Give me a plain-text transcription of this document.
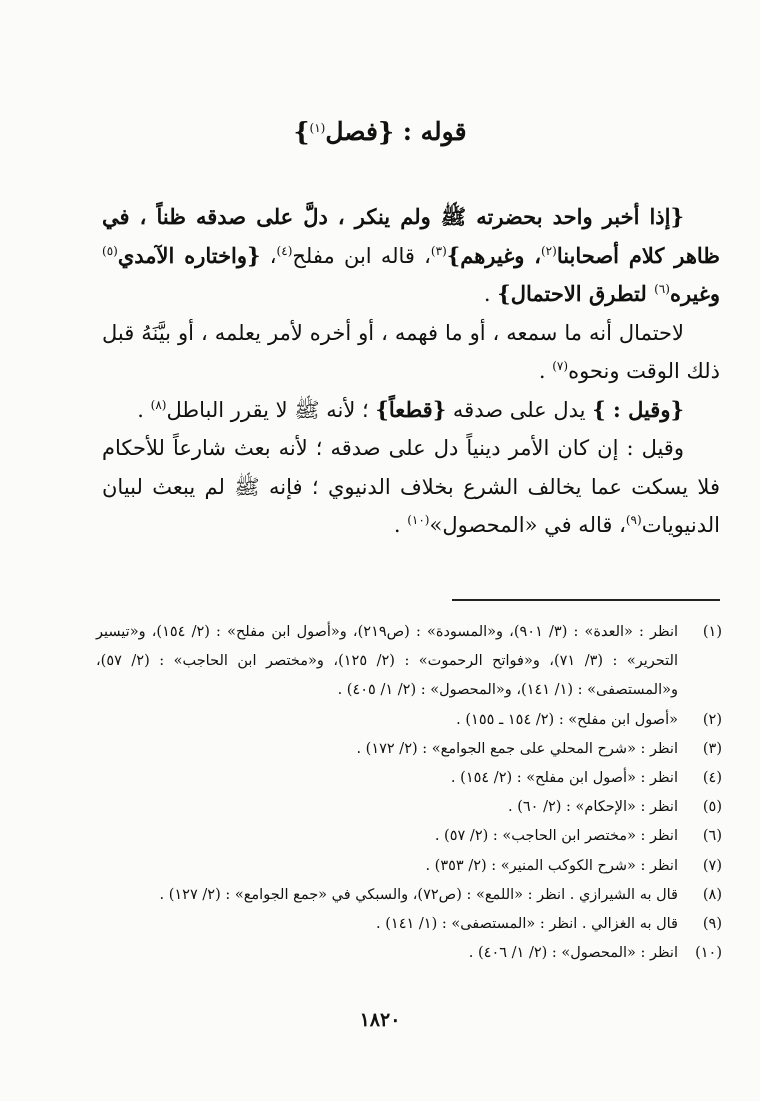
قوله : {فصل$^{(١)}$}

{إذا أخبر واحد بحضرته ﷺ ولم ينكر ، دلَّ على صدقه ظناً ، في ظاهر كلام أصحابنا$^{(٢)}$، وغيرهم}$^{(٣)}$، قاله ابن مفلح$^{(٤)}$، {واختاره الآمدي$^{(٥)}$ وغيره$^{(٦)}$ لتطرق الاحتمال} .

لاحتمال أنه ما سمعه ، أو ما فهمه ، أو أخره لأمر يعلمه ، أو بيَّنَهُ قبل ذلك الوقت ونحوه$^{(٧)}$ .

{وقيل : } يدل على صدقه {قطعاً} ؛ لأنه ﷺ لا يقرر الباطل$^{(٨)}$ .

وقيل : إن كان الأمر دينياً دل على صدقه ؛ لأنه بعث شارعاً للأحكام فلا يسكت عما يخالف الشرع بخلاف الدنيوي ؛ فإنه ﷺ لم يبعث لبيان الدنيويات$^{(٩)}$، قاله في «المحصول»$^{(١٠)}$ .

(١)
انظر : «العدة» : (٣/ ٩٠١)، و«المسودة» : (ص٢١٩)، و«أصول ابن مفلح» : (٢/ ١٥٤)، و«تيسير التحرير» : (٣/ ٧١)، و«فواتح الرحموت» : (٢/ ١٢٥)، و«مختصر ابن الحاجب» : (٢/ ٥٧)، و«المستصفى» : (١/ ١٤١)، و«المحصول» : (٢/ ١/ ٤٠٥) .
(٢)
«أصول ابن مفلح» : (٢/ ١٥٤ ـ ١٥٥) .
(٣)
انظر : «شرح المحلي على جمع الجوامع» : (٢/ ١٧٢) .
(٤)
انظر : «أصول ابن مفلح» : (٢/ ١٥٤) .
(٥)
انظر : «الإحكام» : (٢/ ٦٠) .
(٦)
انظر : «مختصر ابن الحاجب» : (٢/ ٥٧) .
(٧)
انظر : «شرح الكوكب المنير» : (٢/ ٣٥٣) .
(٨)
قال به الشيرازي . انظر : «اللمع» : (ص٧٢)، والسبكي في «جمع الجوامع» : (٢/ ١٢٧) .
(٩)
قال به الغزالي . انظر : «المستصفى» : (١/ ١٤١) .
(١٠)
انظر : «المحصول» : (٢/ ١/ ٤٠٦) .
١٨٢٠
